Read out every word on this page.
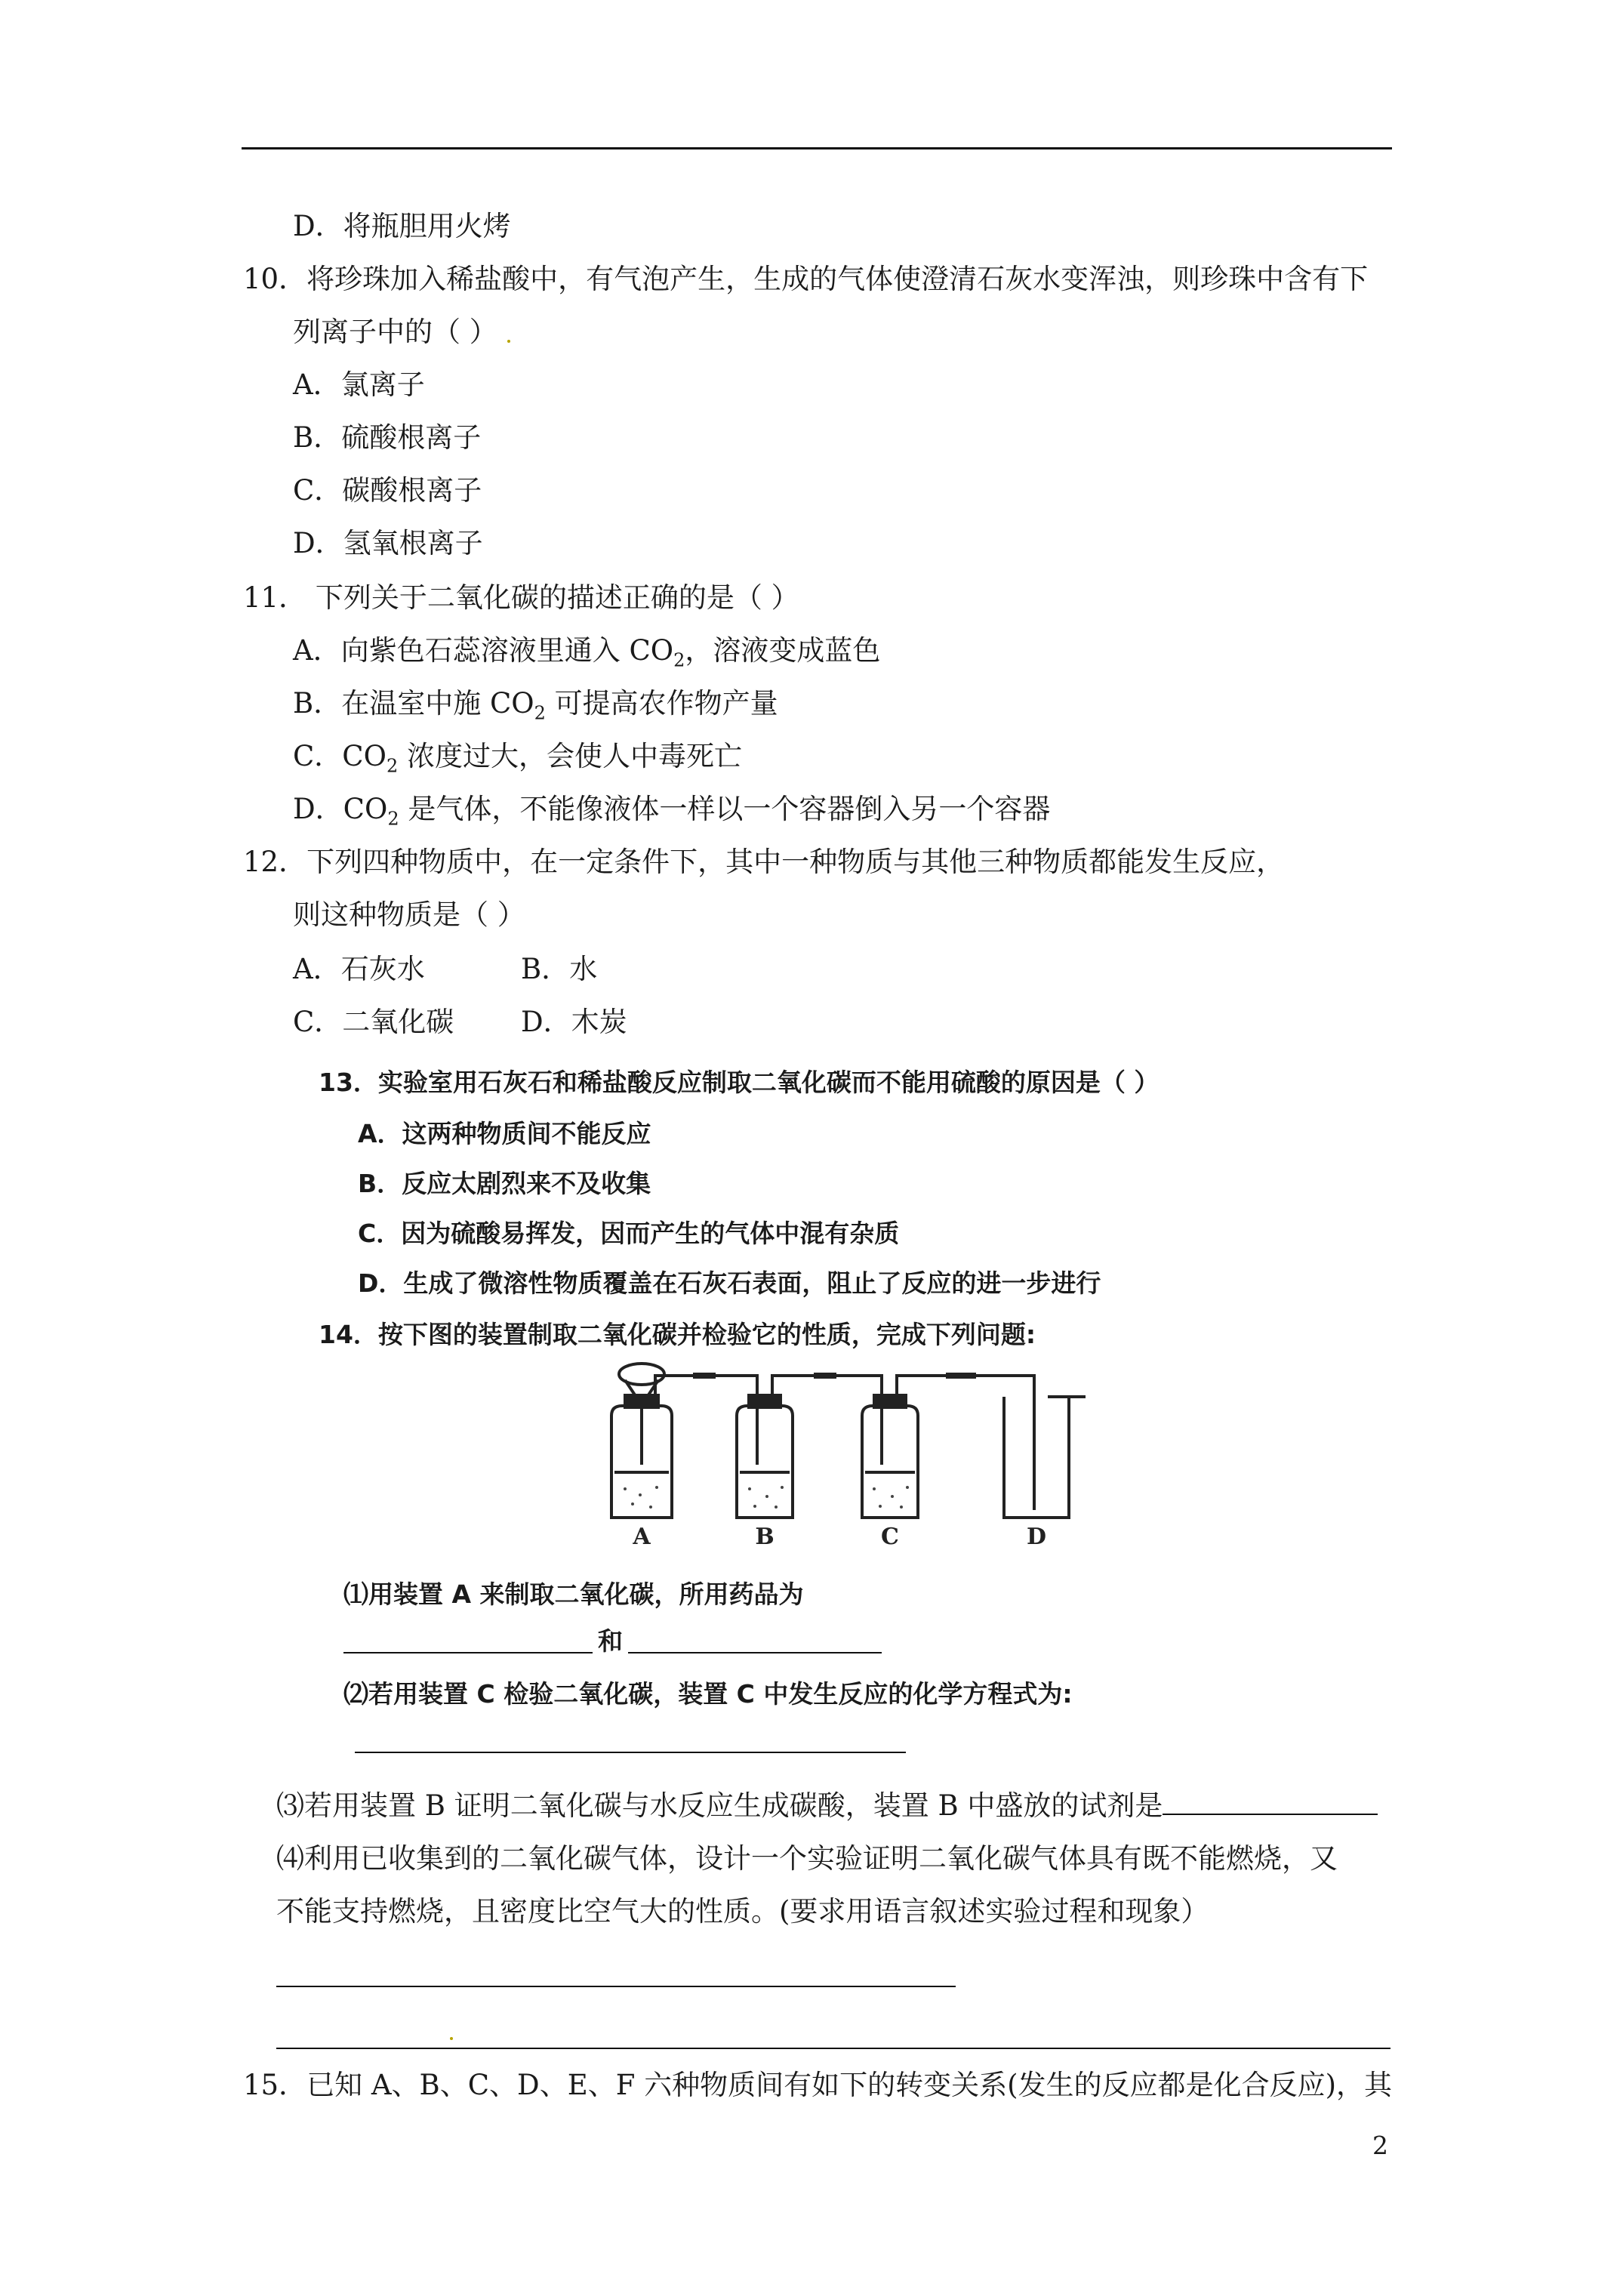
D．将瓶胆用火烤
10．将珍珠加入稀盐酸中，有气泡产生，生成的气体使澄清石灰水变浑浊，则珍珠中含有下
列离子中的（ ）
A．氯离子
B．硫酸根离子
C．碳酸根离子
D．氢氧根离子
11． 下列关于二氧化碳的描述正确的是（ ）
A．向紫色石蕊溶液里通入 $CO_2$，溶液变成蓝色
B．在温室中施 $CO_2$ 可提高农作物产量
C．$CO_2$ 浓度过大，会使人中毒死亡
D．$CO_2$ 是气体，不能像液体一样以一个容器倒入另一个容器
12．下列四种物质中，在一定条件下，其中一种物质与其他三种物质都能发生反应，
则这种物质是（ ）
A．石灰水	B．水
C．二氧化碳 D．木炭
13．实验室用石灰石和稀盐酸反应制取二氧化碳而不能用硫酸的原因是（ ）
A．这两种物质间不能反应
B．反应太剧烈来不及收集
C．因为硫酸易挥发，因而产生的气体中混有杂质
D．生成了微溶性物质覆盖在石灰石表面，阻止了反应的进一步进行
14．按下图的装置制取二氧化碳并检验它的性质，完成下列问题:
A	B	C	D
⑴用装置 A 来制取二氧化碳，所用药品为
和
⑵若用装置 C 检验二氧化碳，装置 C 中发生反应的化学方程式为:
⑶若用装置 B 证明二氧化碳与水反应生成碳酸，装置 B 中盛放的试剂是
⑷利用已收集到的二氧化碳气体，设计一个实验证明二氧化碳气体具有既不能燃烧，又
不能支持燃烧，且密度比空气大的性质。(要求用语言叙述实验过程和现象）
15．已知 A、B、C、D、E、F 六种物质间有如下的转变关系(发生的反应都是化合反应)，其
2
